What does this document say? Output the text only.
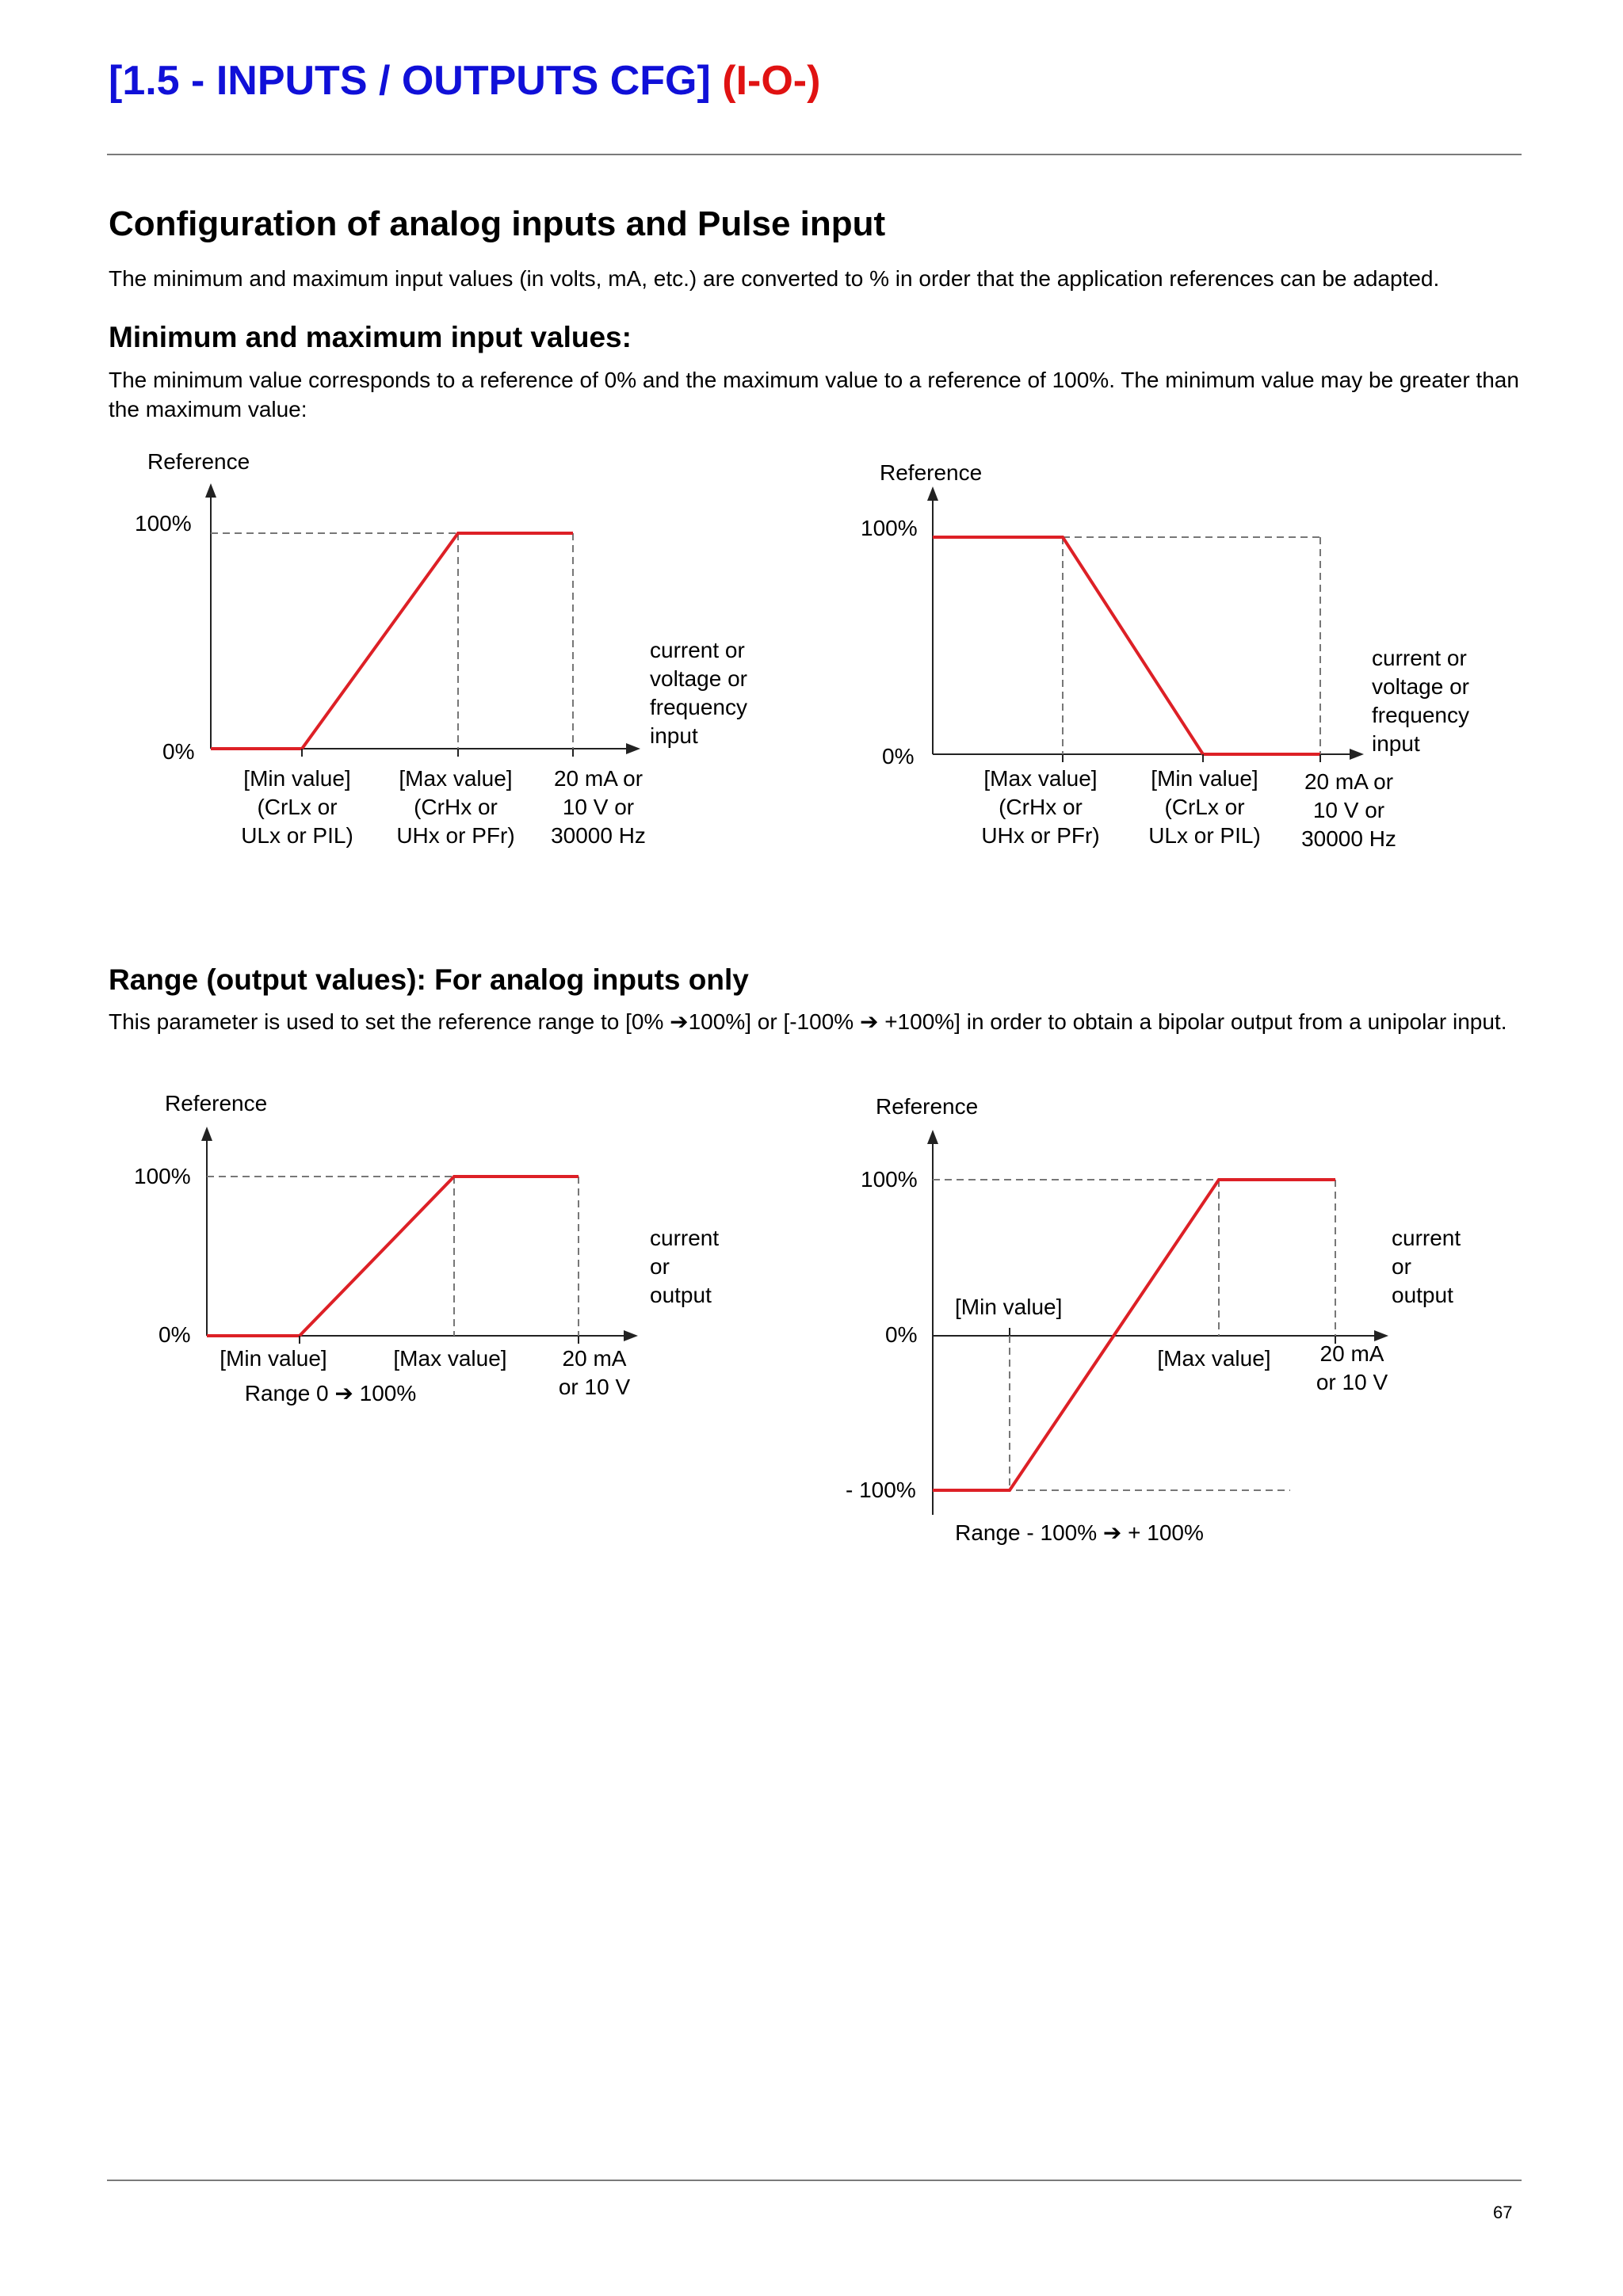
[1.5 - INPUTS / OUTPUTS CFG] (I-O-)
Configuration of analog inputs and Pulse input
The minimum and maximum input values (in volts, mA, etc.) are converted to % in order that the application references can be adapted.
Minimum and maximum input values:
The minimum value corresponds to a reference of 0% and the maximum value to a reference of 100%. The minimum value may be greater than the maximum value:
Reference
100%
0%
current or
voltage or
frequency
input
[Min value]
(CrLx or
ULx or PIL)
[Max value]
(CrHx or
UHx or PFr)
20 mA or
10 V or
30000 Hz
Reference
100%
0%
current or
voltage or
frequency
input
[Max value]
(CrHx or
UHx or PFr)
[Min value]
(CrLx or
ULx or PIL)
20 mA or
10 V or
30000 Hz
Reference
100%
0%
current
or
output
[Min value]	[Max value] 20 mA
or 10 V
Range 0 ➔ 100%
Reference
100%
0%
- 100%
current
or
output
[Min value]
[Max value] 20 mA
or 10 V
Range - 100% ➔ + 100%
Range (output values): For analog inputs only
This parameter is used to set the reference range to [0% ➔100%] or [-100% ➔ +100%] in order to obtain a bipolar output from a unipolar input.
67
